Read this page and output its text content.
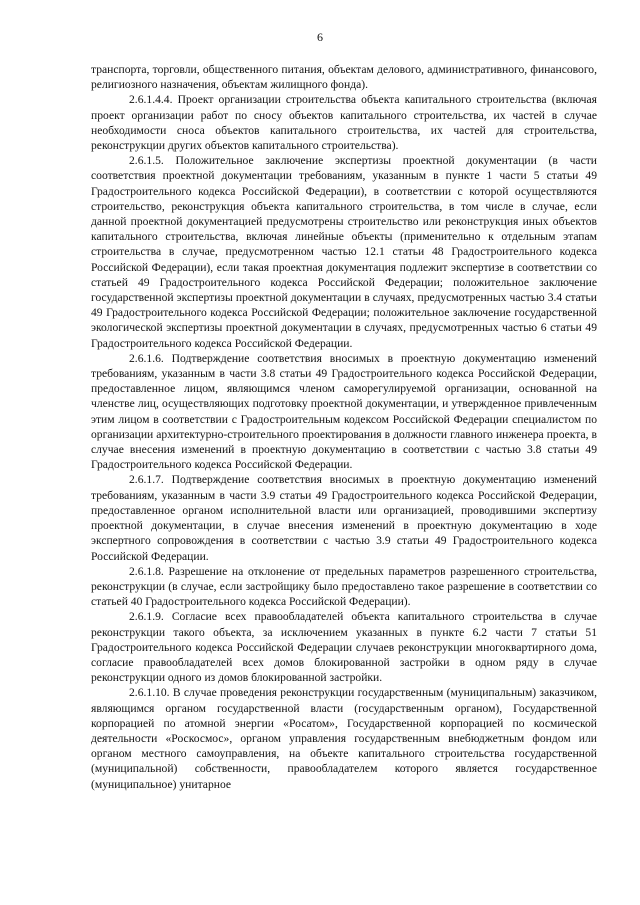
6

транспорта, торговли, общественного питания, объектам делового, административного, финансового, религиозного назначения, объектам жилищного фонда).

2.6.1.4.4. Проект организации строительства объекта капитального строительства (включая проект организации работ по сносу объектов капитального строительства, их частей в случае необходимости сноса объектов капитального строительства, их частей для строительства, реконструкции других объектов капитального строительства).

2.6.1.5. Положительное заключение экспертизы проектной документации (в части соответствия проектной документации требованиям, указанным в пункте 1 части 5 статьи 49 Градостроительного кодекса Российской Федерации), в соответствии с которой осуществляются строительство, реконструкция объекта капитального строительства, в том числе в случае, если данной проектной документацией предусмотрены строительство или реконструкция иных объектов капитального строительства, включая линейные объекты (применительно к отдельным этапам строительства в случае, предусмотренном частью 12.1 статьи 48 Градостроительного кодекса Российской Федерации), если такая проектная документация подлежит экспертизе в соответствии со статьей 49 Градостроительного кодекса Российской Федерации; положительное заключение государственной экспертизы проектной документации в случаях, предусмотренных частью 3.4 статьи 49 Градостроительного кодекса Российской Федерации; положительное заключение государственной экологической экспертизы проектной документации в случаях, предусмотренных частью 6 статьи 49 Градостроительного кодекса Российской Федерации.

2.6.1.6. Подтверждение соответствия вносимых в проектную документацию изменений требованиям, указанным в части 3.8 статьи 49 Градостроительного кодекса Российской Федерации, предоставленное лицом, являющимся членом саморегулируемой организации, основанной на членстве лиц, осуществляющих подготовку проектной документации, и утвержденное привлеченным этим лицом в соответствии с Градостроительным кодексом Российской Федерации специалистом по организации архитектурно-строительного проектирования в должности главного инженера проекта, в случае внесения изменений в проектную документацию в соответствии с частью 3.8 статьи 49 Градостроительного кодекса Российской Федерации.

2.6.1.7. Подтверждение соответствия вносимых в проектную документацию изменений требованиям, указанным в части 3.9 статьи 49 Градостроительного кодекса Российской Федерации, предоставленное органом исполнительной власти или организацией, проводившими экспертизу проектной документации, в случае внесения изменений в проектную документацию в ходе экспертного сопровождения в соответствии с частью 3.9 статьи 49 Градостроительного кодекса Российской Федерации.

2.6.1.8. Разрешение на отклонение от предельных параметров разрешенного строительства, реконструкции (в случае, если застройщику было предоставлено такое разрешение в соответствии со статьей 40 Градостроительного кодекса Российской Федерации).

2.6.1.9. Согласие всех правообладателей объекта капитального строительства в случае реконструкции такого объекта, за исключением указанных в пункте 6.2 части 7 статьи 51 Градостроительного кодекса Российской Федерации случаев реконструкции многоквартирного дома, согласие правообладателей всех домов блокированной застройки в одном ряду в случае реконструкции одного из домов блокированной застройки.

2.6.1.10. В случае проведения реконструкции государственным (муниципальным) заказчиком, являющимся органом государственной власти (государственным органом), Государственной корпорацией по атомной энергии «Росатом», Государственной корпорацией по космической деятельности «Роскосмос», органом управления государственным внебюджетным фондом или органом местного самоуправления, на объекте капитального строительства государственной (муниципальной) собственности, правообладателем которого является государственное (муниципальное) унитарное
